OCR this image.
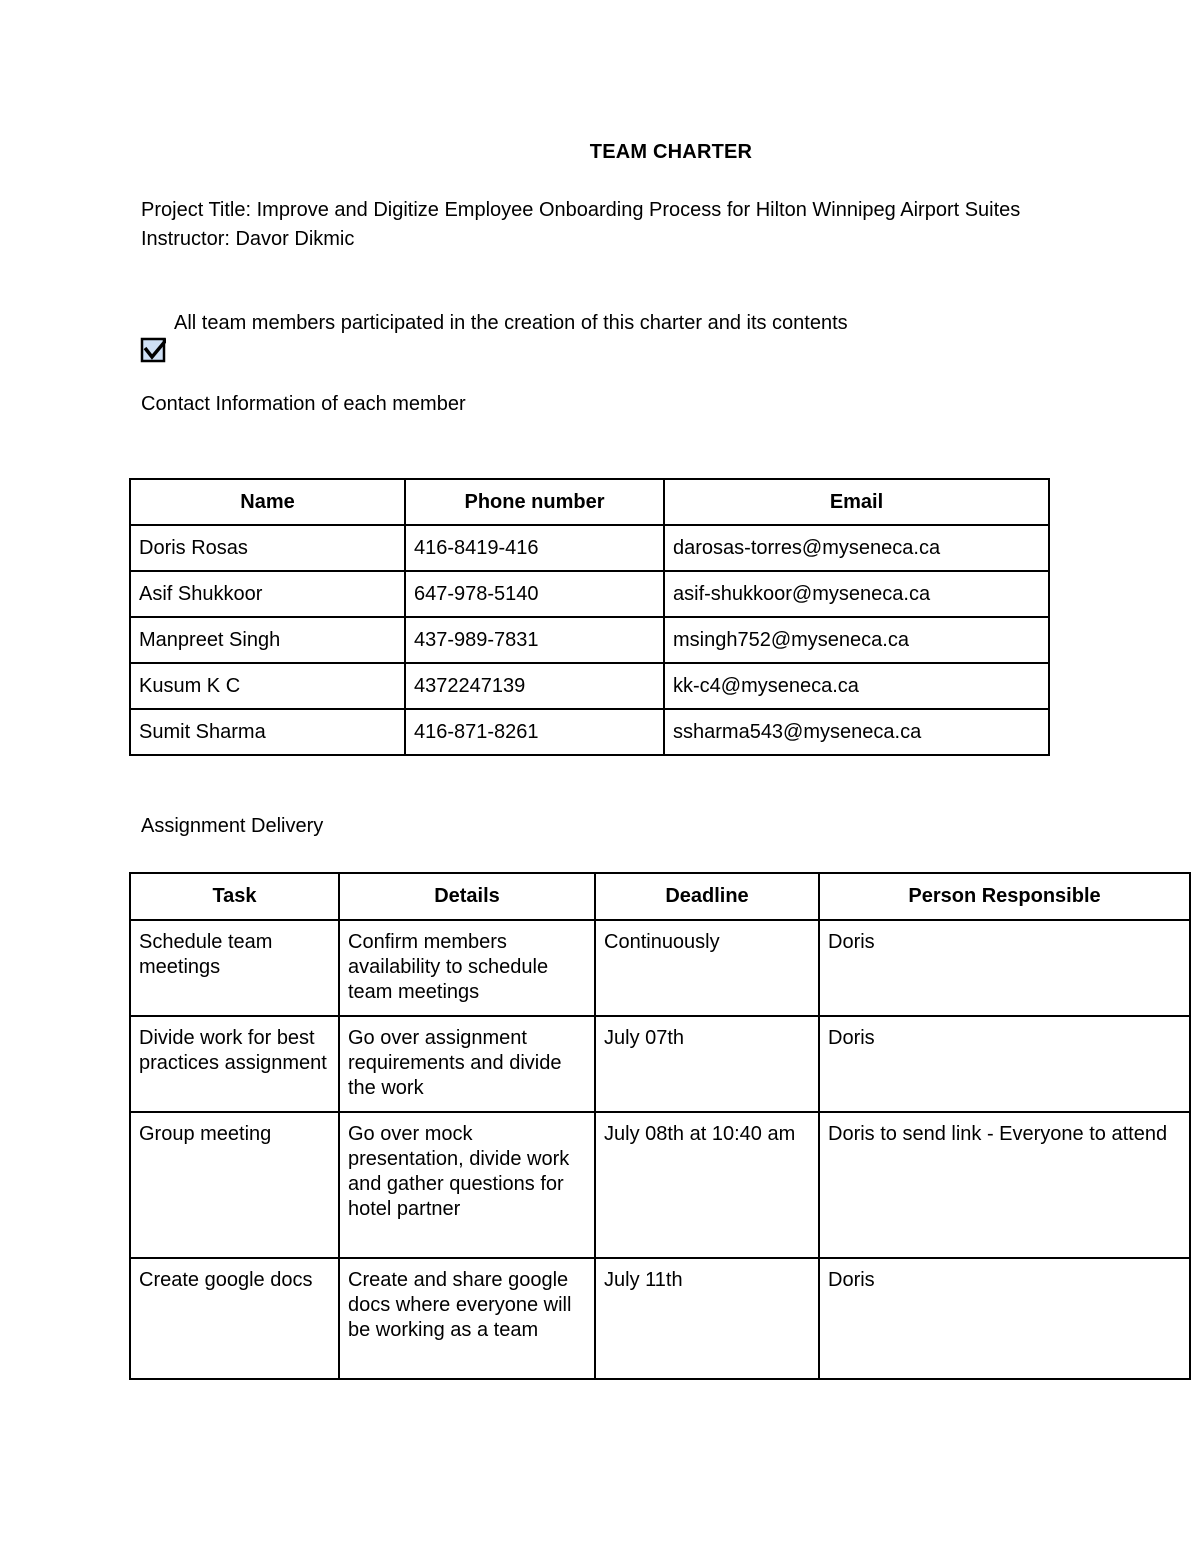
TEAM CHARTER
Project Title: Improve and Digitize Employee Onboarding Process for Hilton Winnipeg Airport Suites
Instructor: Davor Dikmic
All team members participated in the creation of this charter and its contents
Contact Information of each member
Name	Phone number	Email
Doris Rosas	416-8419-416	darosas-torres@myseneca.ca
Asif Shukkoor	647-978-5140	asif-shukkoor@myseneca.ca
Manpreet Singh	437-989-7831	msingh752@myseneca.ca
Kusum K C	4372247139	kk-c4@myseneca.ca
Sumit Sharma	416-871-8261	ssharma543@myseneca.ca
Assignment Delivery
Task	Details	Deadline	Person Responsible
Schedule team meetings	Confirm members availability to schedule team meetings	Continuously	Doris
Divide work for best practices assignment	Go over assignment requirements and divide the work	July 07th	Doris
Group meeting	Go over mock presentation, divide work and gather questions for hotel partner	July 08th at 10:40 am	Doris to send link - Everyone to attend
Create google docs	Create and share google docs where everyone will be working as a team	July 11th	Doris
